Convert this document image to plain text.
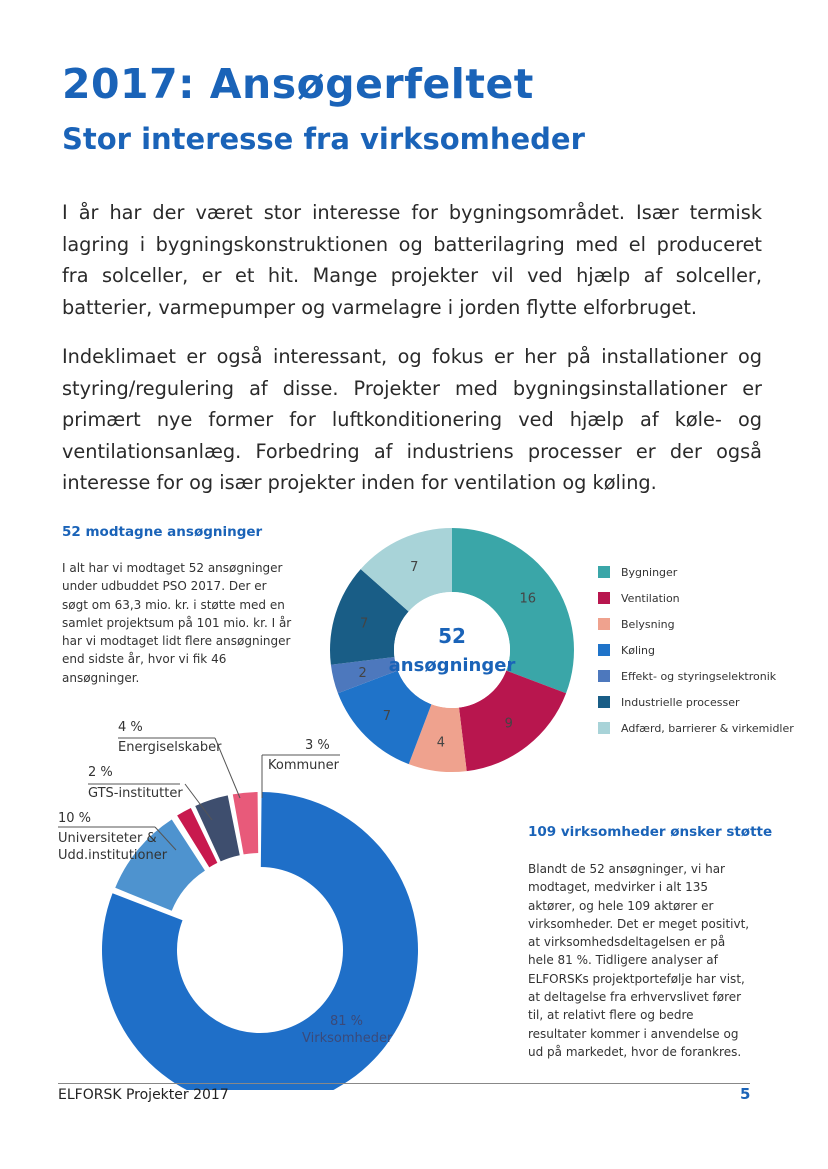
2017: Ansøgerfeltet
Stor interesse fra virksomheder
I år har der været stor interesse for bygningsområdet. Især termisk lagring i bygningskonstruktionen og batterilagring med el produceret fra solceller, er et hit. Mange projekter vil ved hjælp af solceller, batterier, varmepumper og varmelagre i jorden flytte elforbruget.
Indeklimaet er også interessant, og fokus er her på installationer og styring/regulering af disse. Projekter med bygningsinstallationer er primært nye former for luftkonditionering ved hjælp af køle- og ventilationsanlæg. Forbedring af industriens processer er der også interesse for og især projekter inden for ventilation og køling.
52 modtagne ansøgninger
I alt har vi modtaget 52 ansøgninger under udbuddet PSO 2017. Der er søgt om 63,3 mio. kr. i støtte med en samlet projektsum på 101 mio. kr. I år har vi modtaget lidt flere ansøgninger end sidste år, hvor vi fik 46 ansøgninger.
16
9
4
7
2
7
7
52
ansøgninger
Bygninger
Ventilation
Belysning
Køling
Effekt- og styringselektronik
Industrielle processer
Adfærd, barrierer & virkemidler
4 %
Energiselskaber
2 %
GTS-institutter
10 %
Universiteter &
Udd.institutioner
3 %
Kommuner
81 %
Virksomheder
109 virksomheder ønsker støtte
Blandt de 52 ansøgninger, vi har modtaget, medvirker i alt 135 aktører, og hele 109 aktører er virksomheder. Det er meget positivt, at virksomhedsdeltagelsen er på hele 81 %. Tidligere analyser af ELFORSKs projektportefølje har vist, at deltagelse fra erhvervslivet fører til, at relativt flere og bedre resultater kommer i anvendelse og ud på markedet, hvor de forankres.
ELFORSK Projekter 2017	5
